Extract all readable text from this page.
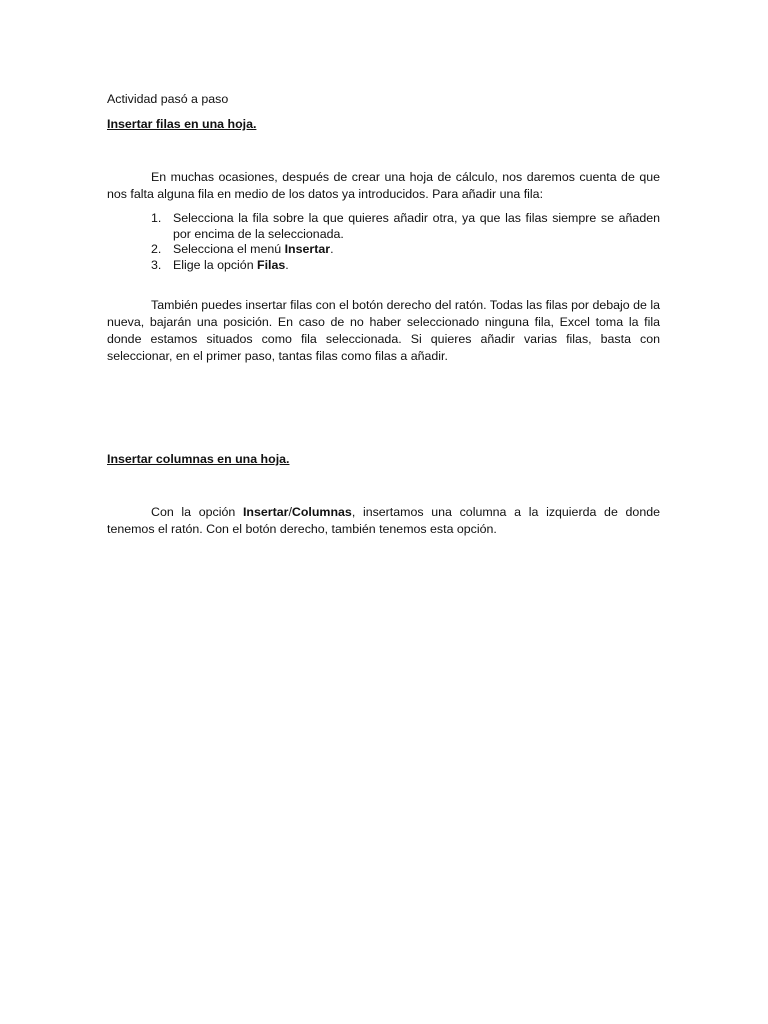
Actividad pasó a paso
Insertar filas en una hoja.
En muchas ocasiones, después de crear una hoja de cálculo, nos daremos cuenta de que nos falta alguna fila en medio de los datos ya introducidos. Para añadir una fila:
1. Selecciona la fila sobre la que quieres añadir otra, ya que las filas siempre se añaden por encima de la seleccionada.
2. Selecciona el menú Insertar.
3. Elige la opción Filas.
También puedes insertar filas con el botón derecho del ratón. Todas las filas por debajo de la nueva, bajarán una posición. En caso de no haber seleccionado ninguna fila, Excel toma la fila donde estamos situados como fila seleccionada. Si quieres añadir varias filas, basta con seleccionar, en el primer paso, tantas filas como filas a añadir.
Insertar columnas en una hoja.
Con la opción Insertar/Columnas, insertamos una columna a la izquierda de donde tenemos el ratón. Con el botón derecho, también tenemos esta opción.
